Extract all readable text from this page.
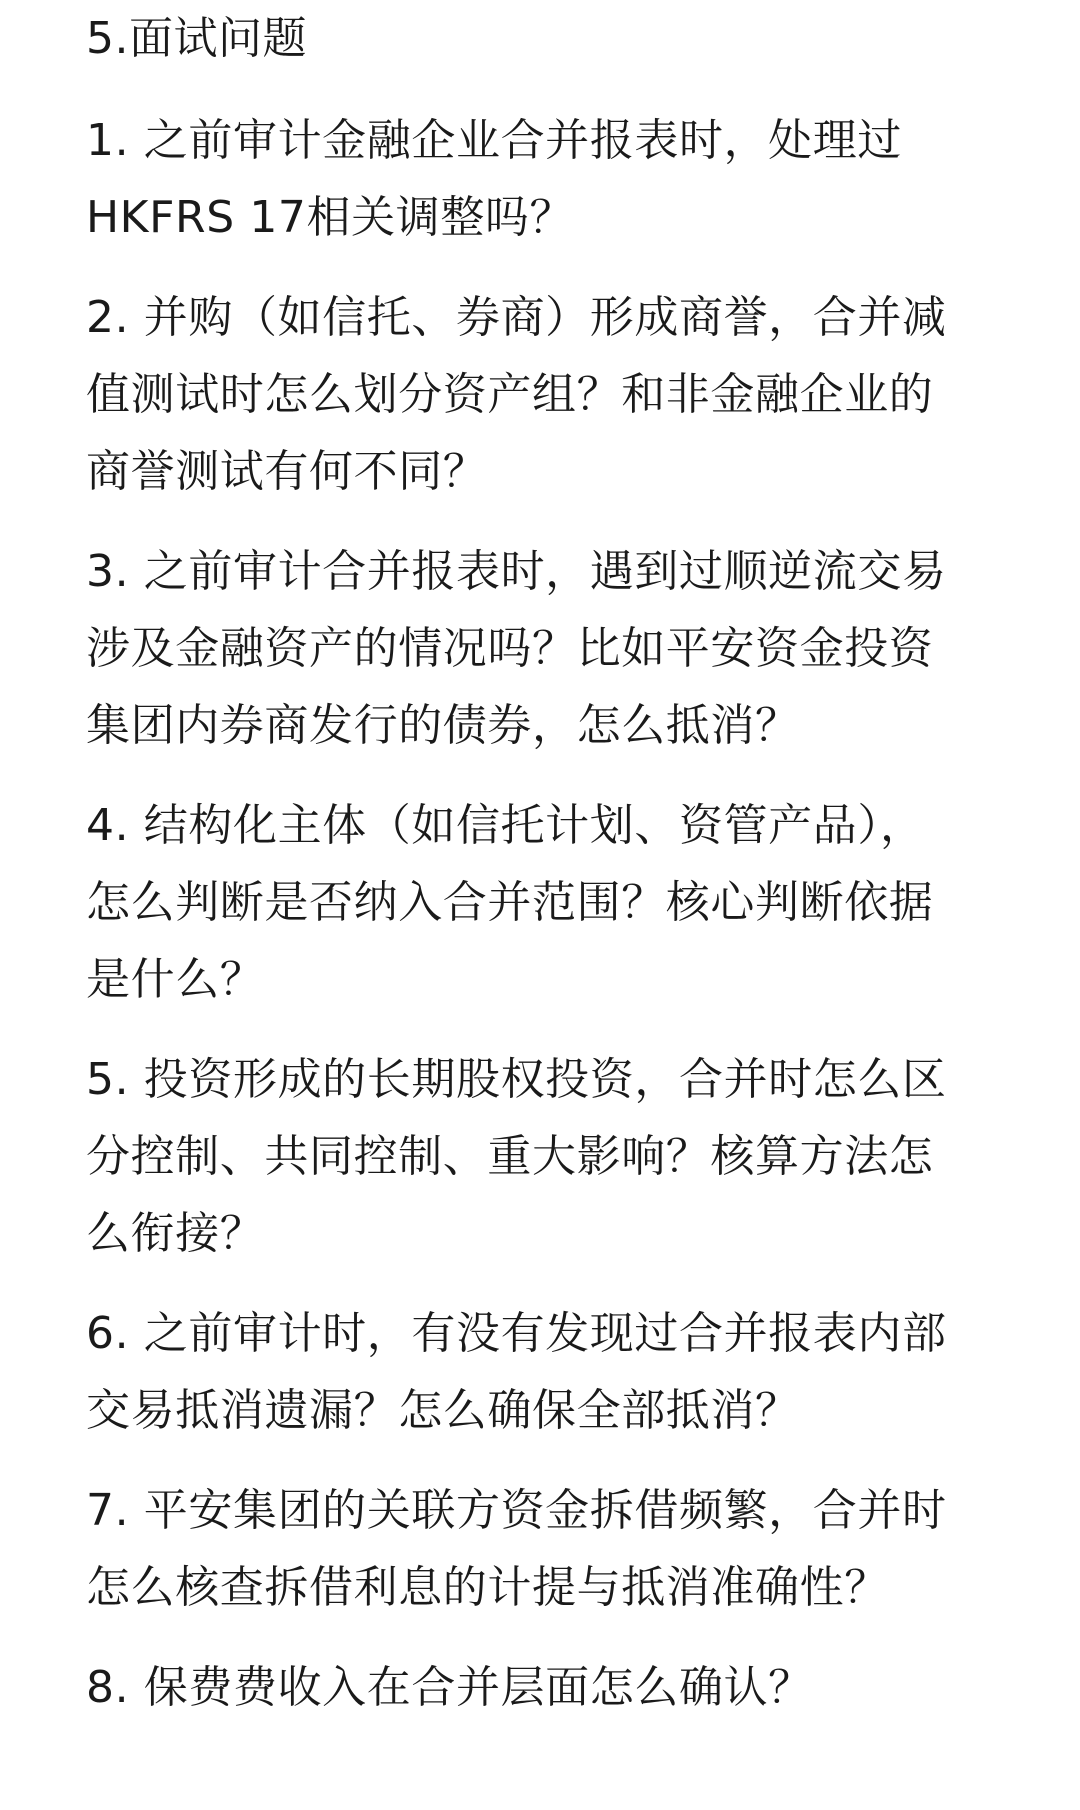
5.面试问题
1. 之前审计金融企业合并报表时，处理过
HKFRS 17相关调整吗？
2. 并购（如信托、券商）形成商誉，合并减
值测试时怎么划分资产组？和非金融企业的
商誉测试有何不同？
3. 之前审计合并报表时，遇到过顺逆流交易
涉及金融资产的情况吗？比如平安资金投资
集团内券商发行的债券，怎么抵消？
4. 结构化主体（如信托计划、资管产品），
怎么判断是否纳入合并范围？核心判断依据
是什么？
5. 投资形成的长期股权投资，合并时怎么区
分控制、共同控制、重大影响？核算方法怎
么衔接？
6. 之前审计时，有没有发现过合并报表内部
交易抵消遗漏？怎么确保全部抵消？
7. 平安集团的关联方资金拆借频繁，合并时
怎么核查拆借利息的计提与抵消准确性？
8. 保费费收入在合并层面怎么确认？
